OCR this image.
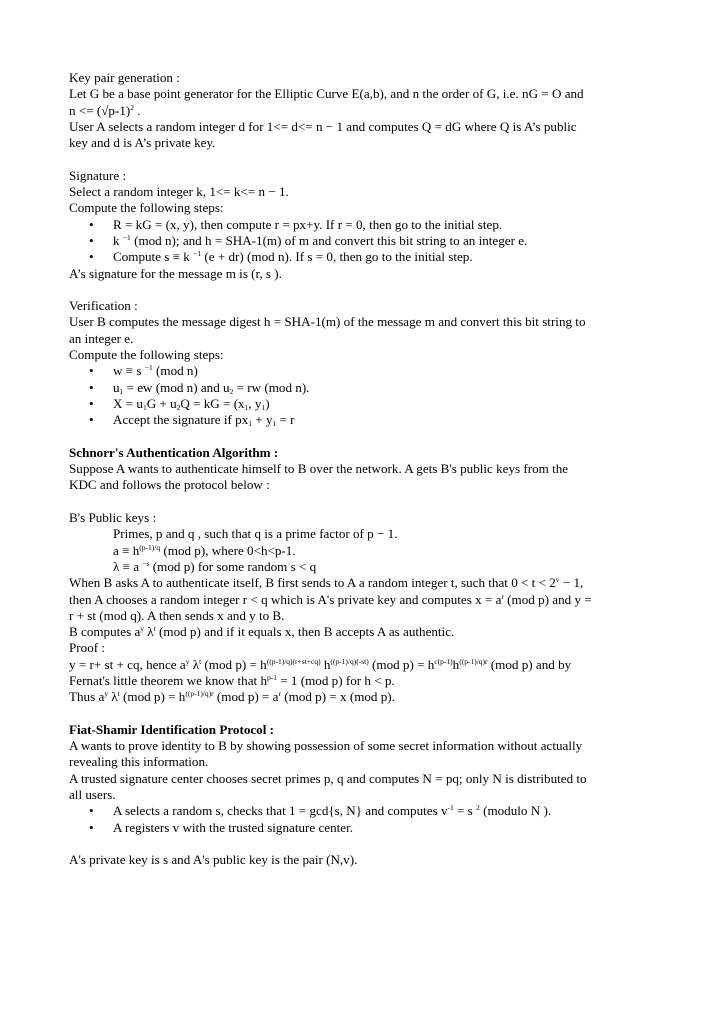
Key pair generation :
Let G be a base point generator for the Elliptic Curve E(a,b), and n the order of G, i.e. nG = O and
$n <= (√p-1)^2$ .
User A selects a random integer d for 1<= d<= n − 1 and computes Q = dG where Q is A’s public
key and d is A’s private key.
Signature :
Select a random integer k, 1<= k<= n − 1.
Compute the following steps:
• R = kG = (x, y), then compute r = px+y. If r = 0, then go to the initial step.
• k $^{-1}$ (mod n); and h = SHA-1(m) of m and convert this bit string to an integer e.
• Compute s ≡ k $^{-1}$ (e + dr) (mod n). If s = 0, then go to the initial step.
A’s signature for the message m is (r, s ).
Verification :
User B computes the message digest h = SHA-1(m) of the message m and convert this bit string to
an integer e.
Compute the following steps:
• w ≡ s $^{-1}$ (mod n)
• $u_1$ = ew (mod n) and $u_2$ = rw (mod n).
• $X = u_1G + u_2Q$ = kG = ($x_1$, $y_1$)
• Accept the signature if $px_1 + y_1 = r$
Schnorr's Authentication Algorithm :
Suppose A wants to authenticate himself to B over the network. A gets B's public keys from the
KDC and follows the protocol below :
B's Public keys :
Primes, p and q , such that q is a prime factor of p − 1.
$a \equiv h^{(p-1)/q}$ (mod p), where 0<h<p-1.
λ ≡ a $^{-s}$ (mod p) for some random s < q
When B asks A to authenticate itself, B first sends to A a random integer t, such that $0 < t < 2^v - 1$,
then A chooses a random integer r < q which is A's private key and computes $x = a^r$ (mod p) and y =
r + st (mod q). A then sends x and y to B.
B computes $a^y$ $\lambda^t$ (mod p) and if it equals x, then B accepts A as authentic.
Proof :
y = r+ st + cq, hence $a^y$ $\lambda^t$ (mod $p) = h^{((p-1)/q)(r+st+cq)}$ $h^{((p-1)/q)(-st)}$ (mod $p) = h^{c(p-1)}h^{((p-1)/q)r}$ (mod p) and by
Fernat's little theorem we know that $h^{p-1} = 1$ (mod p) for h < p.
Thus $a^y$ $\lambda^t$ (mod $p) = h^{((p-1)/q)r}$ (mod $p) = a^r$ (mod p) = x (mod p).
Fiat-Shamir Identification Protocol :
A wants to prove identity to B by showing possession of some secret information without actually
revealing this information.
A trusted signature center chooses secret primes p, q and computes N = pq; only N is distributed to
all users.
• A selects a random s, checks that 1 = gcd{s, N} and computes $v^{-1} = s$ $^2$ (modulo N ).
• A registers v with the trusted signature center.
A's private key is s and A's public key is the pair (N,v).
